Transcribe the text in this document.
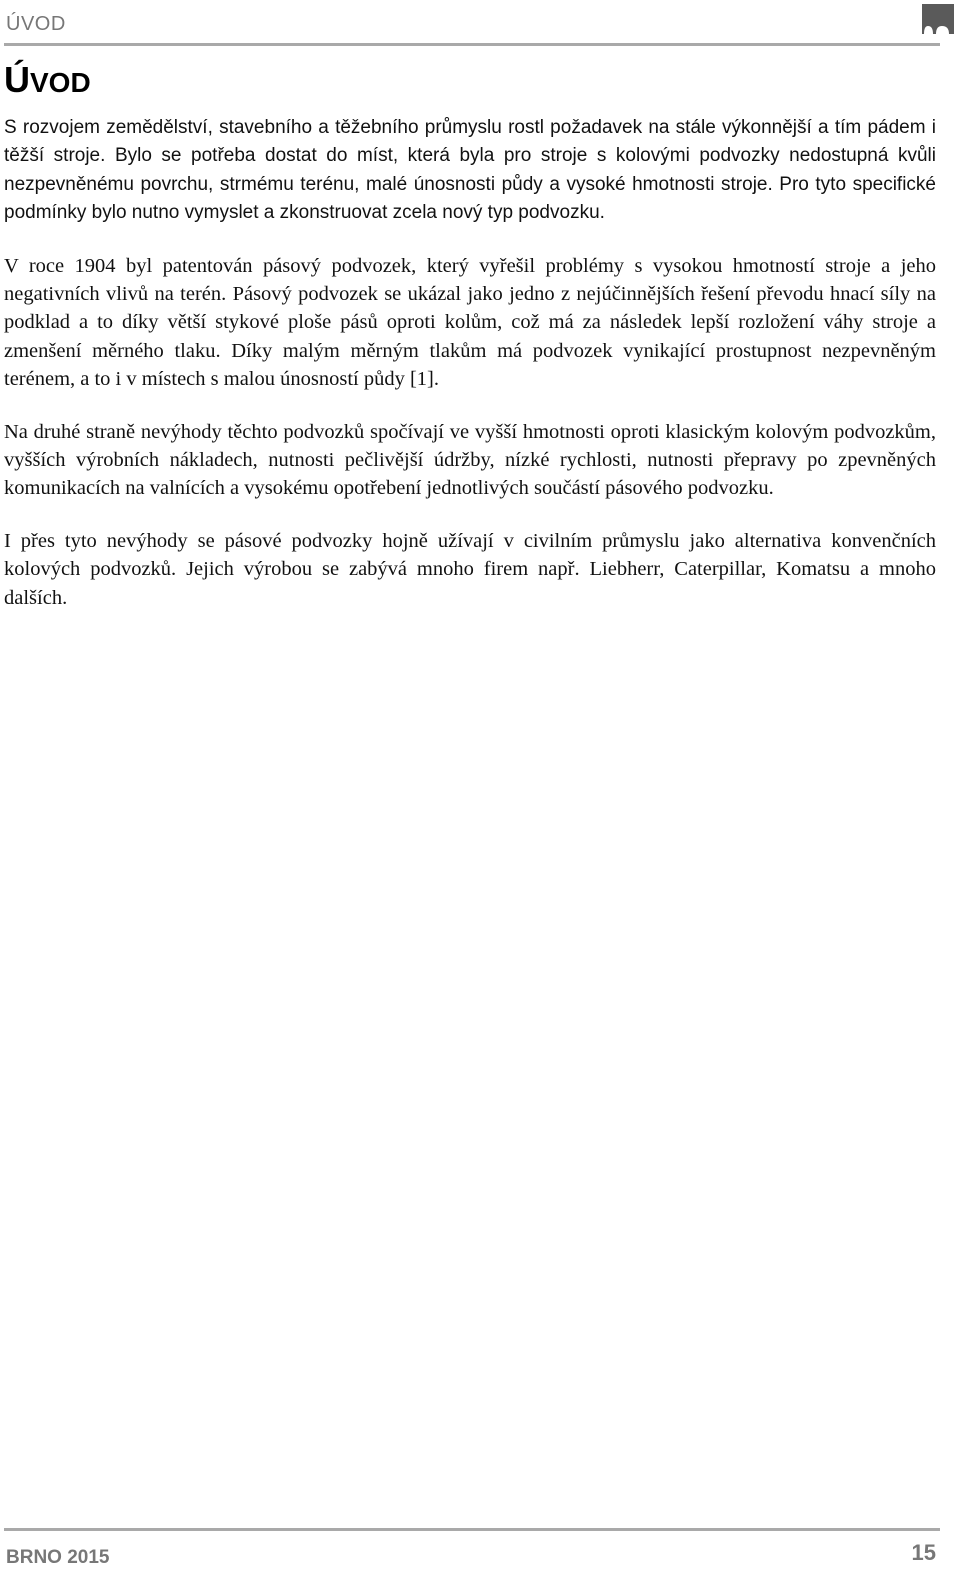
ÚVOD
ÚVOD

S rozvojem zemědělství, stavebního a těžebního průmyslu rostl požadavek na stále výkonnější a tím pádem i těžší stroje. Bylo se potřeba dostat do míst, která byla pro stroje s kolovými podvozky nedostupná kvůli nezpevněnému povrchu, strmému terénu, malé únosnosti půdy a vysoké hmotnosti stroje. Pro tyto specifické podmínky bylo nutno vymyslet a zkonstruovat zcela nový typ podvozku.

V roce 1904 byl patentován pásový podvozek, který vyřešil problémy s vysokou hmotností stroje a jeho negativních vlivů na terén. Pásový podvozek se ukázal jako jedno z nejúčinnějších řešení převodu hnací síly na podklad a to díky větší stykové ploše pásů oproti kolům, což má za následek lepší rozložení váhy stroje a zmenšení měrného tlaku. Díky malým měrným tlakům má podvozek vynikající prostupnost nezpevněným terénem, a to i v místech s malou únosností půdy [1].

Na druhé straně nevýhody těchto podvozků spočívají ve vyšší hmotnosti oproti klasickým kolovým podvozkům, vyšších výrobních nákladech, nutnosti pečlivější údržby, nízké rychlosti, nutnosti přepravy po zpevněných komunikacích na valnících a vysokému opotřebení jednotlivých součástí pásového podvozku.

I přes tyto nevýhody se pásové podvozky hojně užívají v civilním průmyslu jako alternativa konvenčních kolových podvozků. Jejich výrobou se zabývá mnoho firem např. Liebherr, Caterpillar, Komatsu a mnoho dalších.

BRNO 2015	15
